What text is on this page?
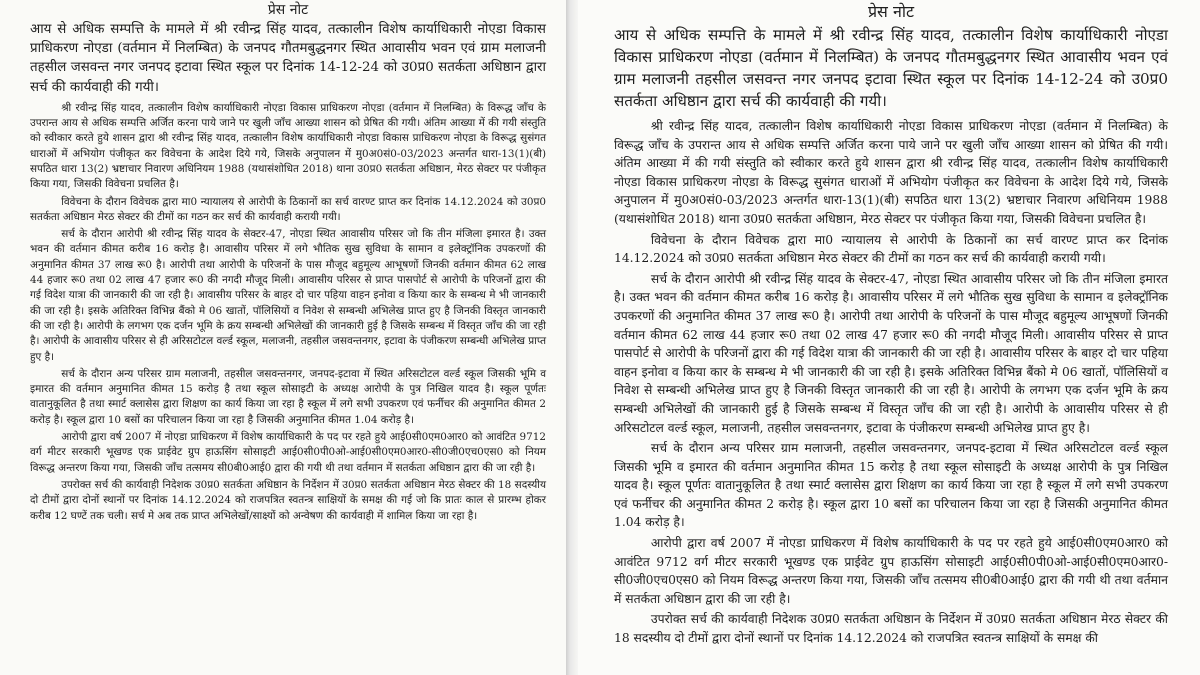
प्रेस नोट

आय से अधिक सम्पत्ति के मामले में श्री रवीन्द्र सिंह यादव, तत्कालीन विशेष कार्याधिकारी नोएडा विकास प्राधिकरण नोएडा (वर्तमान में निलम्बित) के जनपद गौतमबुद्धनगर स्थित आवासीय भवन एवं ग्राम मलाजनी तहसील जसवन्त नगर जनपद इटावा स्थित स्कूल पर दिनांक 14-12-24 को उ0प्र0 सतर्कता अधिष्ठान द्वारा सर्च की कार्यवाही की गयी।

श्री रवीन्द्र सिंह यादव, तत्कालीन विशेष कार्याधिकारी नोएडा विकास प्राधिकरण नोएडा (वर्तमान में निलम्बित) के विरूद्ध जाँच के उपरान्त आय से अधिक सम्पत्ति अर्जित करना पाये जाने पर खुली जाँच आख्या शासन को प्रेषित की गयी। अंतिम आख्या में की गयी संस्तुति को स्वीकार करते हुये शासन द्वारा श्री रवीन्द्र सिंह यादव, तत्कालीन विशेष कार्याधिकारी नोएडा विकास प्राधिकरण नोएडा के विरूद्ध सुसंगत धाराओं में अभियोग पंजीकृत कर विवेचना के आदेश दिये गये, जिसके अनुपालन में मु0अ0सं0-03/2023 अन्तर्गत धारा-13(1)(बी) सपठित धारा 13(2) भ्रष्टाचार निवारण अधिनियम 1988 (यथासंशोधित 2018) थाना उ0प्र0 सतर्कता अधिष्ठान, मेरठ सेक्टर पर पंजीकृत किया गया, जिसकी विवेचना प्रचलित है।

विवेचना के दौरान विवेचक द्वारा मा0 न्यायालय से आरोपी के ठिकानों का सर्च वारण्ट प्राप्त कर दिनांक 14.12.2024 को उ0प्र0 सतर्कता अधिष्ठान मेरठ सेक्टर की टीमों का गठन कर सर्च की कार्यवाही करायी गयी।

सर्च के दौरान आरोपी श्री रवीन्द्र सिंह यादव के सेक्टर-47, नोएडा स्थित आवासीय परिसर जो कि तीन मंजिला इमारत है। उक्त भवन की वर्तमान कीमत करीब 16 करोड़ है। आवासीय परिसर में लगे भौतिक सुख सुविधा के सामान व इलेक्ट्रॉनिक उपकरणों की अनुमानित कीमत 37 लाख रू0 है। आरोपी तथा आरोपी के परिजनों के पास मौजूद बहुमूल्य आभूषणों जिनकी वर्तमान कीमत 62 लाख 44 हजार रू0 तथा 02 लाख 47 हजार रू0 की नगदी मौजूद मिली। आवासीय परिसर से प्राप्त पासपोर्ट से आरोपी के परिजनों द्वारा की गई विदेश यात्रा की जानकारी की जा रही है। आवासीय परिसर के बाहर दो चार पहिया वाहन इनोवा व किया कार के सम्बन्ध मे भी जानकारी की जा रही है। इसके अतिरिक्त विभिन्न बैंको मे 06 खातों, पॉलिसियों व निवेश से सम्बन्धी अभिलेख प्राप्त हुए है जिनकी विस्तृत जानकारी की जा रही है। आरोपी के लगभग एक दर्जन भूमि के क्रय सम्बन्धी अभिलेखों की जानकारी हुई है जिसके सम्बन्ध में विस्तृत जाँच की जा रही है। आरोपी के आवासीय परिसर से ही अरिसटोटल वर्ल्ड स्कूल, मलाजनी, तहसील जसवन्तनगर, इटावा के पंजीकरण सम्बन्धी अभिलेख प्राप्त हुए है।

सर्च के दौरान अन्य परिसर ग्राम मलाजनी, तहसील जसवन्तनगर, जनपद-इटावा में स्थित अरिसटोटल वर्ल्ड स्कूल जिसकी भूमि व इमारत की वर्तमान अनुमानित कीमत 15 करोड़ है तथा स्कूल सोसाइटी के अध्यक्ष आरोपी के पुत्र निखिल यादव है। स्कूल पूर्णतः वातानुकूलित है तथा स्मार्ट क्लासेस द्वारा शिक्षण का कार्य किया जा रहा है स्कूल में लगे सभी उपकरण एवं फर्नीचर की अनुमानित कीमत 2 करोड़ है। स्कूल द्वारा 10 बसों का परिचालन किया जा रहा है जिसकी अनुमानित कीमत 1.04 करोड़ है।

आरोपी द्वारा वर्ष 2007 में नोएडा प्राधिकरण में विशेष कार्याधिकारी के पद पर रहते हुये आई0सी0एम0आर0 को आवंटित 9712 वर्ग मीटर सरकारी भूखण्ड एक प्राईवेट ग्रुप हाऊसिंग सोसाइटी आई0सी0पी0ओ-आई0सी0एम0आर0-सी0जी0एच0एस0 को नियम विरूद्ध अन्तरण किया गया, जिसकी जाँच तत्समय सी0बी0आई0 द्वारा की गयी थी तथा वर्तमान में सतर्कता अधिष्ठान द्वारा की जा रही है।

उपरोक्त सर्च की कार्यवाही निदेशक उ0प्र0 सतर्कता अधिष्ठान के निर्देशन में उ0प्र0 सतर्कता अधिष्ठान मेरठ सेक्टर की 18 सदस्यीय दो टीमों द्वारा दोनों स्थानों पर दिनांक 14.12.2024 को राजपत्रित स्वतन्त्र साक्षियों के समक्ष की गई जो कि प्रातः काल से प्रारम्भ होकर करीब 12 घण्टें तक चली। सर्च मे अब तक प्राप्त अभिलेखों/साक्ष्यों को अन्वेषण की कार्यवाही में शामिल किया जा रहा है।

प्रेस नोट

आय से अधिक सम्पत्ति के मामले में श्री रवीन्द्र सिंह यादव, तत्कालीन विशेष कार्याधिकारी नोएडा विकास प्राधिकरण नोएडा (वर्तमान में निलम्बित) के जनपद गौतमबुद्धनगर स्थित आवासीय भवन एवं ग्राम मलाजनी तहसील जसवन्त नगर जनपद इटावा स्थित स्कूल पर दिनांक 14-12-24 को उ0प्र0 सतर्कता अधिष्ठान द्वारा सर्च की कार्यवाही की गयी।

श्री रवीन्द्र सिंह यादव, तत्कालीन विशेष कार्याधिकारी नोएडा विकास प्राधिकरण नोएडा (वर्तमान में निलम्बित) के विरूद्ध जाँच के उपरान्त आय से अधिक सम्पत्ति अर्जित करना पाये जाने पर खुली जाँच आख्या शासन को प्रेषित की गयी। अंतिम आख्या में की गयी संस्तुति को स्वीकार करते हुये शासन द्वारा श्री रवीन्द्र सिंह यादव, तत्कालीन विशेष कार्याधिकारी नोएडा विकास प्राधिकरण नोएडा के विरूद्ध सुसंगत धाराओं में अभियोग पंजीकृत कर विवेचना के आदेश दिये गये, जिसके अनुपालन में मु0अ0सं0-03/2023 अन्तर्गत धारा-13(1)(बी) सपठित धारा 13(2) भ्रष्टाचार निवारण अधिनियम 1988 (यथासंशोधित 2018) थाना उ0प्र0 सतर्कता अधिष्ठान, मेरठ सेक्टर पर पंजीकृत किया गया, जिसकी विवेचना प्रचलित है।

विवेचना के दौरान विवेचक द्वारा मा0 न्यायालय से आरोपी के ठिकानों का सर्च वारण्ट प्राप्त कर दिनांक 14.12.2024 को उ0प्र0 सतर्कता अधिष्ठान मेरठ सेक्टर की टीमों का गठन कर सर्च की कार्यवाही करायी गयी।

सर्च के दौरान आरोपी श्री रवीन्द्र सिंह यादव के सेक्टर-47, नोएडा स्थित आवासीय परिसर जो कि तीन मंजिला इमारत है। उक्त भवन की वर्तमान कीमत करीब 16 करोड़ है। आवासीय परिसर में लगे भौतिक सुख सुविधा के सामान व इलेक्ट्रॉनिक उपकरणों की अनुमानित कीमत 37 लाख रू0 है। आरोपी तथा आरोपी के परिजनों के पास मौजूद बहुमूल्य आभूषणों जिनकी वर्तमान कीमत 62 लाख 44 हजार रू0 तथा 02 लाख 47 हजार रू0 की नगदी मौजूद मिली। आवासीय परिसर से प्राप्त पासपोर्ट से आरोपी के परिजनों द्वारा की गई विदेश यात्रा की जानकारी की जा रही है। आवासीय परिसर के बाहर दो चार पहिया वाहन इनोवा व किया कार के सम्बन्ध मे भी जानकारी की जा रही है। इसके अतिरिक्त विभिन्न बैंको मे 06 खातों, पॉलिसियों व निवेश से सम्बन्धी अभिलेख प्राप्त हुए है जिनकी विस्तृत जानकारी की जा रही है। आरोपी के लगभग एक दर्जन भूमि के क्रय सम्बन्धी अभिलेखों की जानकारी हुई है जिसके सम्बन्ध में विस्तृत जाँच की जा रही है। आरोपी के आवासीय परिसर से ही अरिसटोटल वर्ल्ड स्कूल, मलाजनी, तहसील जसवन्तनगर, इटावा के पंजीकरण सम्बन्धी अभिलेख प्राप्त हुए है।

सर्च के दौरान अन्य परिसर ग्राम मलाजनी, तहसील जसवन्तनगर, जनपद-इटावा में स्थित अरिसटोटल वर्ल्ड स्कूल जिसकी भूमि व इमारत की वर्तमान अनुमानित कीमत 15 करोड़ है तथा स्कूल सोसाइटी के अध्यक्ष आरोपी के पुत्र निखिल यादव है। स्कूल पूर्णतः वातानुकूलित है तथा स्मार्ट क्लासेस द्वारा शिक्षण का कार्य किया जा रहा है स्कूल में लगे सभी उपकरण एवं फर्नीचर की अनुमानित कीमत 2 करोड़ है। स्कूल द्वारा 10 बसों का परिचालन किया जा रहा है जिसकी अनुमानित कीमत 1.04 करोड़ है।

आरोपी द्वारा वर्ष 2007 में नोएडा प्राधिकरण में विशेष कार्याधिकारी के पद पर रहते हुये आई0सी0एम0आर0 को आवंटित 9712 वर्ग मीटर सरकारी भूखण्ड एक प्राईवेट ग्रुप हाऊसिंग सोसाइटी आई0सी0पी0ओ-आई0सी0एम0आर0-सी0जी0एच0एस0 को नियम विरूद्ध अन्तरण किया गया, जिसकी जाँच तत्समय सी0बी0आई0 द्वारा की गयी थी तथा वर्तमान में सतर्कता अधिष्ठान द्वारा की जा रही है।

उपरोक्त सर्च की कार्यवाही निदेशक उ0प्र0 सतर्कता अधिष्ठान के निर्देशन में उ0प्र0 सतर्कता अधिष्ठान मेरठ सेक्टर की 18 सदस्यीय दो टीमों द्वारा दोनों स्थानों पर दिनांक 14.12.2024 को राजपत्रित स्वतन्त्र साक्षियों के समक्ष की
